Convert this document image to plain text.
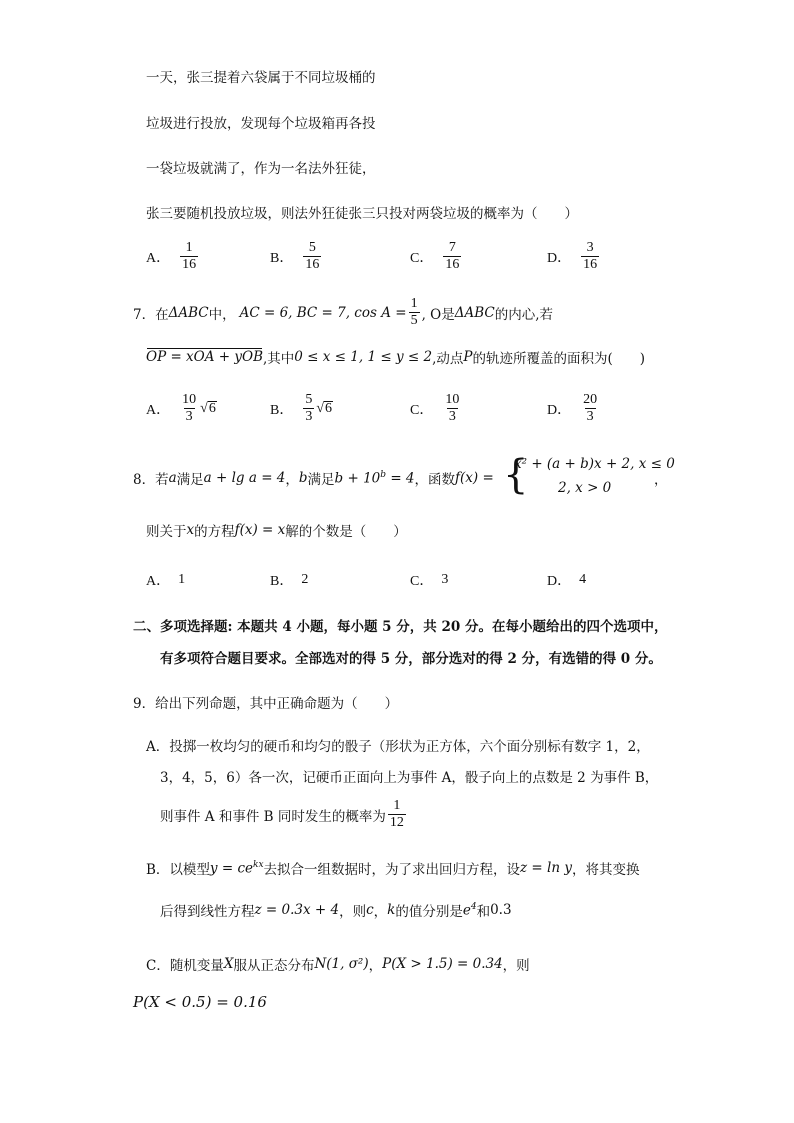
一天，张三提着六袋属于不同垃圾桶的
垃圾进行投放，发现每个垃圾箱再各投
一袋垃圾就满了，作为一名法外狂徒，
张三要随机投放垃圾，则法外狂徒张三只投对两袋垃圾的概率为（　　）
A． $\frac{1}{16}$	B． $\frac{5}{16}$	C． $\frac{7}{16}$	D． $\frac{3}{16}$
7． 在 ΔABC 中， AC = 6, BC = 7, $\cos A = \frac{1}{5}$ , O是 ΔABC 的内心,若
OP = xOA + yOB ,其中 0 ≤ x ≤ 1, 1 ≤ y ≤ 2 ,动点 P 的轨迹所覆盖的面积为(　　)
A． $\frac{10}{3}$ √ 6	B． $\frac{5}{3}$ √ 6	C． $\frac{10}{3}$	D． $\frac{20}{3}$
8． 若 a 满足 a + lg a = 4 ， b 满足 $b + 10^b = 4$ ，函数 f(x) = {
x² + (a + b)x + 2, x ≤ 0
2, x > 0	，
则关于 x 的方程 f(x) = x 解的个数是（　　）
A． 1	B． 2	C． 3	D． 4
二、多项选择题: 本题共 4 小题，每小题 5 分，共 20 分。在每小题给出的四个选项中，
有多项符合题目要求。全部选对的得 5 分，部分选对的得 2 分，有选错的得 0 分。
9．给出下列命题，其中正确命题为（　　）
A．投掷一枚均匀的硬币和均匀的骰子（形状为正方体，六个面分别标有数字 1，2，
3，4，5，6）各一次，记硬币正面向上为事件 A，骰子向上的点数是 2 为事件 B，
则事件 A 和事件 B 同时发生的概率为 $\frac{1}{12}$
B．以模型 $y = ce^{kx}$ 去拟合一组数据时，为了求出回归方程，设 z = ln y ，将其变换
后得到线性方程 z = 0.3x + 4 ，则 c ， k 的值分别是 $e^4$ 和 0.3
C．随机变量 X 服从正态分布 N(1, σ²) ， P(X > 1.5) = 0.34 ，则
P(X < 0.5) = 0.16
